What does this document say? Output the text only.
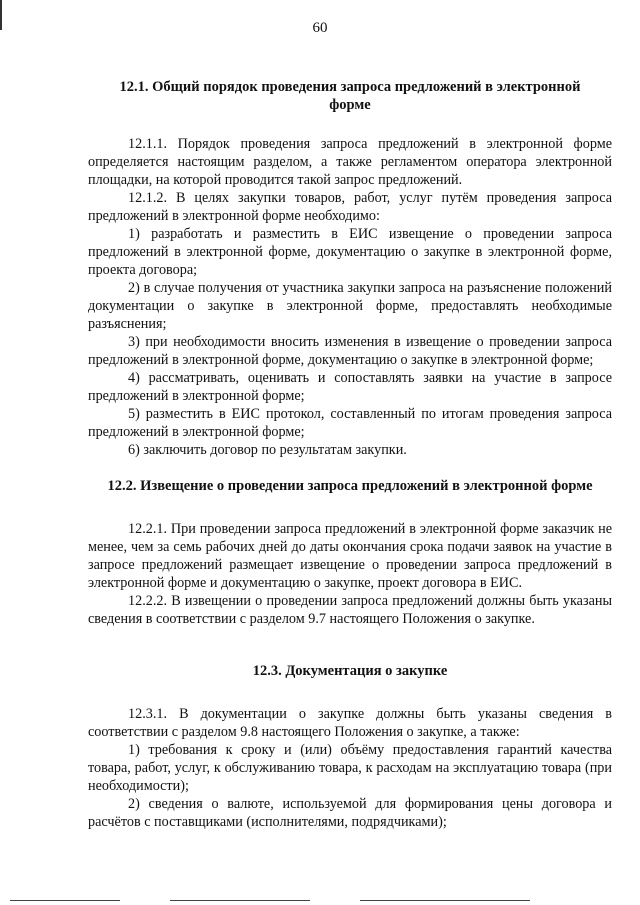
60
12.1. Общий порядок проведения запроса предложений в электронной форме

12.1.1. Порядок проведения запроса предложений в электронной форме определяется настоящим разделом, а также регламентом оператора электронной площадки, на которой проводится такой запрос предложений.

12.1.2. В целях закупки товаров, работ, услуг путём проведения запроса предложений в электронной форме необходимо:

1) разработать и разместить в ЕИС извещение о проведении запроса предложений в электронной форме, документацию о закупке в электронной форме, проекта договора;

2) в случае получения от участника закупки запроса на разъяснение положений документации о закупке в электронной форме, предоставлять необходимые разъяснения;

3) при необходимости вносить изменения в извещение о проведении запроса предложений в электронной форме, документацию о закупке в электронной форме;

4) рассматривать, оценивать и сопоставлять заявки на участие в запросе предложений в электронной форме;

5) разместить в ЕИС протокол, составленный по итогам проведения запроса предложений в электронной форме;

6) заключить договор по результатам закупки.

12.2. Извещение о проведении запроса предложений в электронной форме

12.2.1. При проведении запроса предложений в электронной форме заказчик не менее, чем за семь рабочих дней до даты окончания срока подачи заявок на участие в запросе предложений размещает извещение о проведении запроса предложений в электронной форме и документацию о закупке, проект договора в ЕИС.

12.2.2. В извещении о проведении запроса предложений должны быть указаны сведения в соответствии с разделом 9.7 настоящего Положения о закупке.

12.3. Документация о закупке

12.3.1. В документации о закупке должны быть указаны сведения в соответствии с разделом 9.8 настоящего Положения о закупке, а также:

1) требования к сроку и (или) объёму предоставления гарантий качества товара, работ, услуг, к обслуживанию товара, к расходам на эксплуатацию товара (при необходимости);

2) сведения о валюте, используемой для формирования цены договора и расчётов с поставщиками (исполнителями, подрядчиками);
